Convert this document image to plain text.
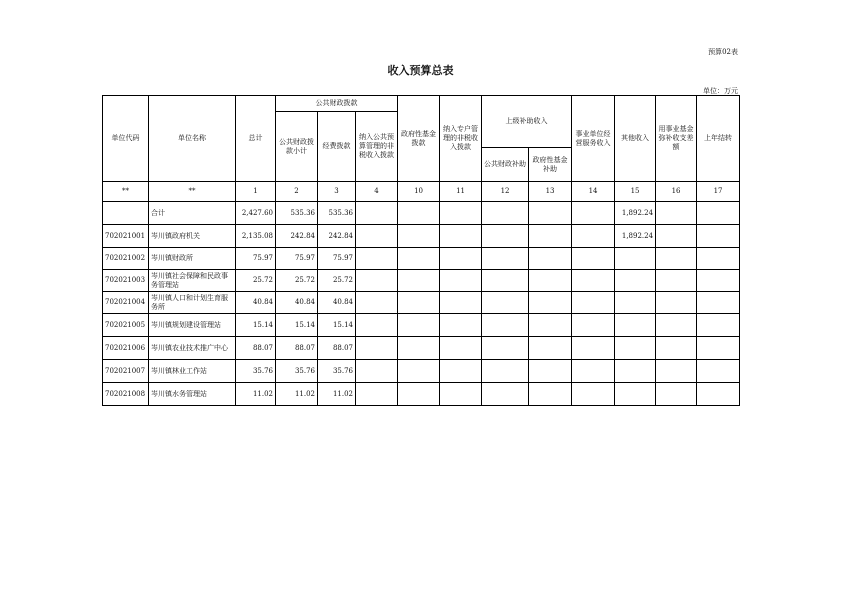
预算02表
收入预算总表
单位：万元
单位代码	单位名称	总计	公共财政拨款			政府性基金拨款	纳入专户管理的非税收入拨款	上级补助收入		事业单位经营服务收入	其他收入	用事业基金弥补收支差额	上年结转
			公共财政拨款小计	经费拨款	纳入公共预算管理的非税收入拨款								
								公共财政补助	政府性基金补助				
**	**	1	2	3	4	10	11	12	13	14	15	16	17
	合计	2,427.60	535.36	535.36							1,892.24		
702021001	岑川镇政府机关	2,135.08	242.84	242.84							1,892.24		
702021002	岑川镇财政所	75.97	75.97	75.97									
702021003	岑川镇社会保障和民政事务管理站	25.72	25.72	25.72									
702021004	岑川镇人口和计划生育服务所	40.84	40.84	40.84									
702021005	岑川镇规划建设管理站	15.14	15.14	15.14									
702021006	岑川镇农业技术推广中心	88.07	88.07	88.07									
702021007	岑川镇林业工作站	35.76	35.76	35.76									
702021008	岑川镇水务管理站	11.02	11.02	11.02									
